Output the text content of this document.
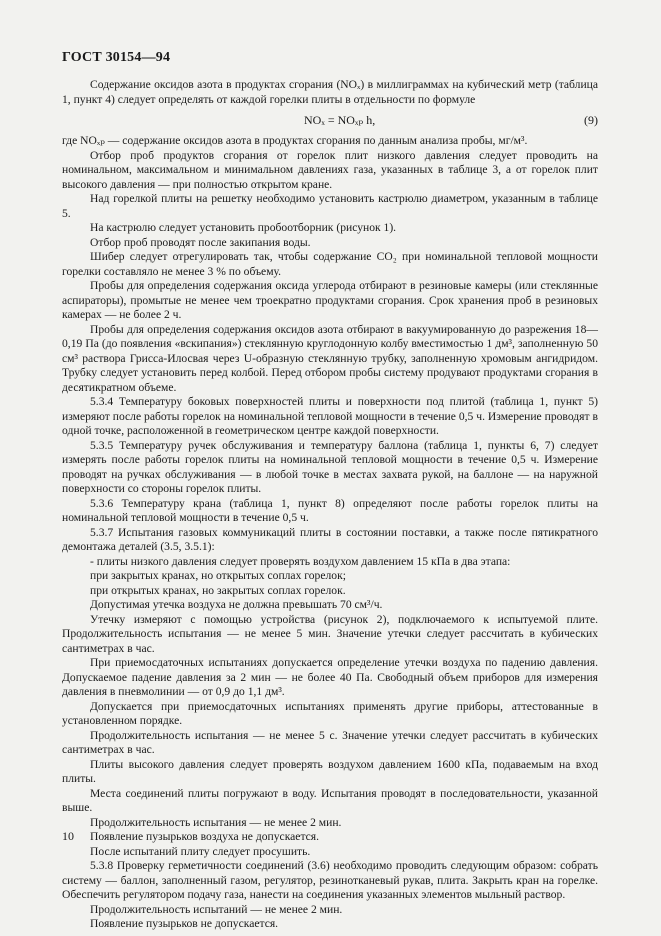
ГОСТ 30154—94

Содержание оксидов азота в продуктах сгорания (NOₓ) в миллиграммах на кубический метр (таблица 1, пункт 4) следует определять от каждой горелки плиты в отдельности по формуле

NOₓ = NOₓₚ h,	(9)

где NOₓₚ — содержание оксидов азота в продуктах сгорания по данным анализа пробы, мг/м³.

Отбор проб продуктов сгорания от горелок плит низкого давления следует проводить на номинальном, максимальном и минимальном давлениях газа, указанных в таблице 3, а от горелок плит высокого давления — при полностью открытом кране.

Над горелкой плиты на решетку необходимо установить кастрюлю диаметром, указанным в таблице 5.

На кастрюлю следует установить пробоотборник (рисунок 1).

Отбор проб проводят после закипания воды.

Шибер следует отрегулировать так, чтобы содержание CO₂ при номинальной тепловой мощности горелки составляло не менее 3 % по объему.

Пробы для определения содержания оксида углерода отбирают в резиновые камеры (или стеклянные аспираторы), промытые не менее чем троекратно продуктами сгорания. Срок хранения проб в резиновых камерах — не более 2 ч.

Пробы для определения содержания оксидов азота отбирают в вакуумированную до разрежения 18—0,19 Па (до появления «вскипания») стеклянную круглодонную колбу вместимостью 1 дм³, заполненную 50 см³ раствора Грисса-Илосвая через U-образную стеклянную трубку, заполненную хромовым ангидридом. Трубку следует установить перед колбой. Перед отбором пробы систему продувают продуктами сгорания в десятикратном объеме.

5.3.4 Температуру боковых поверхностей плиты и поверхности под плитой (таблица 1, пункт 5) измеряют после работы горелок на номинальной тепловой мощности в течение 0,5 ч. Измерение проводят в одной точке, расположенной в геометрическом центре каждой поверхности.

5.3.5 Температуру ручек обслуживания и температуру баллона (таблица 1, пункты 6, 7) следует измерять после работы горелок плиты на номинальной тепловой мощности в течение 0,5 ч. Измерение проводят на ручках обслуживания — в любой точке в местах захвата рукой, на баллоне — на наружной поверхности со стороны горелок плиты.

5.3.6 Температуру крана (таблица 1, пункт 8) определяют после работы горелок плиты на номинальной тепловой мощности в течение 0,5 ч.

5.3.7 Испытания газовых коммуникаций плиты в состоянии поставки, а также после пятикратного демонтажа деталей (3.5, 3.5.1):

- плиты низкого давления следует проверять воздухом давлением 15 кПа в два этапа:

при закрытых кранах, но открытых соплах горелок;

при открытых кранах, но закрытых соплах горелок.

Допустимая утечка воздуха не должна превышать 70 см³/ч.

Утечку измеряют с помощью устройства (рисунок 2), подключаемого к испытуемой плите. Продолжительность испытания — не менее 5 мин. Значение утечки следует рассчитать в кубических сантиметрах в час.

При приемосдаточных испытаниях допускается определение утечки воздуха по падению давления. Допускаемое падение давления за 2 мин — не более 40 Па. Свободный объем приборов для измерения давления в пневмолинии — от 0,9 до 1,1 дм³.

Допускается при приемосдаточных испытаниях применять другие приборы, аттестованные в установленном порядке.

Продолжительность испытания — не менее 5 с. Значение утечки следует рассчитать в кубических сантиметрах в час.

Плиты высокого давления следует проверять воздухом давлением 1600 кПа, подаваемым на вход плиты.

Места соединений плиты погружают в воду. Испытания проводят в последовательности, указанной выше.

Продолжительность испытания — не менее 2 мин.

Появление пузырьков воздуха не допускается.

После испытаний плиту следует просушить.

5.3.8 Проверку герметичности соединений (3.6) необходимо проводить следующим образом: собрать систему — баллон, заполненный газом, регулятор, резинотканевый рукав, плита. Закрыть кран на горелке. Обеспечить регулятором подачу газа, нанести на соединения указанных элементов мыльный раствор.

Продолжительность испытаний — не менее 2 мин.

Появление пузырьков не допускается.

10
